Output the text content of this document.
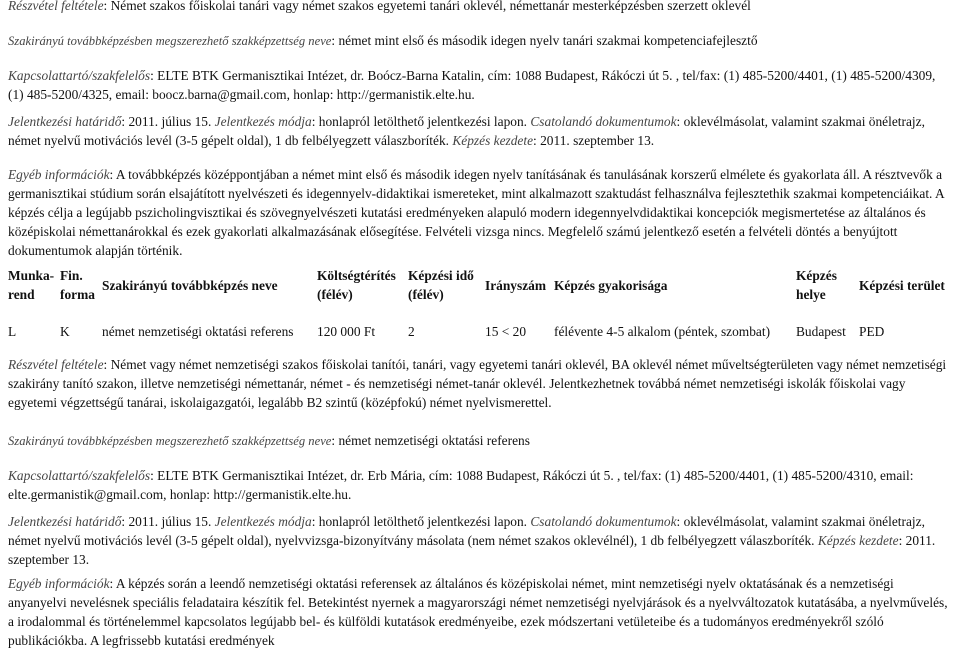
Részvétel feltétele: Német szakos főiskolai tanári vagy német szakos egyetemi tanári oklevél, némettanár mesterképzésben szerzett oklevél

Szakirányú továbbképzésben megszerezhető szakképzettség neve: német mint első és második idegen nyelv tanári szakmai kompetenciafejlesztő

Kapcsolattartó/szakfelelős: ELTE BTK Germanisztikai Intézet, dr. Boócz-Barna Katalin, cím: 1088 Budapest, Rákóczi út 5. , tel/fax: (1) 485-5200/4401, (1) 485-5200/4309, (1) 485-5200/4325, email: boocz.barna@gmail.com, honlap: http://germanistik.elte.hu.

Jelentkezési határidő: 2011. július 15. Jelentkezés módja: honlapról letölthető jelentkezési lapon. Csatolandó dokumentumok: oklevélmásolat, valamint szakmai önéletrajz, német nyelvű motivációs levél (3-5 gépelt oldal), 1 db felbélyegzett válaszboríték. Képzés kezdete: 2011. szeptember 13.

Egyéb információk: A továbbképzés középpontjában a német mint első és második idegen nyelv tanításának és tanulásának korszerű elmélete és gyakorlata áll. A résztvevők a germanisztikai stúdium során elsajátított nyelvészeti és idegennyelv-didaktikai ismereteket, mint alkalmazott szaktudást felhasználva fejlesztethik szakmai kompetenciáikat. A képzés célja a legújabb pszicholingvisztikai és szövegnyelvészeti kutatási eredményeken alapuló modern idegennyelvdidaktikai koncepciók megismertetése az általános és középiskolai némettanárokkal és ezek gyakorlati alkalmazásának elősegítése. Felvételi vizsga nincs. Megfelelő számú jelentkező esetén a felvételi döntés a benyújtott dokumentumok alapján történik.

Munka-rend	Fin. forma	Szakirányú továbbképzés neve	Költségtérítés (félév)	Képzési idő (félév)	Irányszám	Képzés gyakorisága	Képzés helye	Képzési terület
L	K	német nemzetiségi oktatási referens	120 000 Ft	2	15 < 20	félévente 4-5 alkalom (péntek, szombat)	Budapest	PED

Részvétel feltétele: Német vagy német nemzetiségi szakos főiskolai tanítói, tanári, vagy egyetemi tanári oklevél, BA oklevél német műveltségterületen vagy német nemzetiségi szakirány tanító szakon, illetve nemzetiségi némettanár, német - és nemzetiségi német-tanár oklevél. Jelentkezhetnek továbbá német nemzetiségi iskolák főiskolai vagy egyetemi végzettségű tanárai, iskolaigazgatói, legalább B2 szintű (középfokú) német nyelvismerettel.

Szakirányú továbbképzésben megszerezhető szakképzettség neve: német nemzetiségi oktatási referens

Kapcsolattartó/szakfelelős: ELTE BTK Germanisztikai Intézet, dr. Erb Mária, cím: 1088 Budapest, Rákóczi út 5. , tel/fax: (1) 485-5200/4401, (1) 485-5200/4310, email: elte.germanistik@gmail.com, honlap: http://germanistik.elte.hu.

Jelentkezési határidő: 2011. július 15. Jelentkezés módja: honlapról letölthető jelentkezési lapon. Csatolandó dokumentumok: oklevélmásolat, valamint szakmai önéletrajz, német nyelvű motivációs levél (3-5 gépelt oldal), nyelvvizsga-bizonyítvány másolata (nem német szakos oklevélnél), 1 db felbélyegzett válaszboríték. Képzés kezdete: 2011. szeptember 13.

Egyéb információk: A képzés során a leendő nemzetiségi oktatási referensek az általános és középiskolai német, mint nemzetiségi nyelv oktatásának és a nemzetiségi anyanyelvi nevelésnek speciális feladataira készítik fel. Betekintést nyernek a magyarországi német nemzetiségi nyelvjárások és a nyelvváltozatok kutatásába, a nyelvművelés, a irodalommal és történelemmel kapcsolatos legújabb bel- és külföldi kutatások eredményeibe, ezek módszertani vetületeibe és a tudományos eredményekről szóló publikációkba. A legfrissebb kutatási eredmények
